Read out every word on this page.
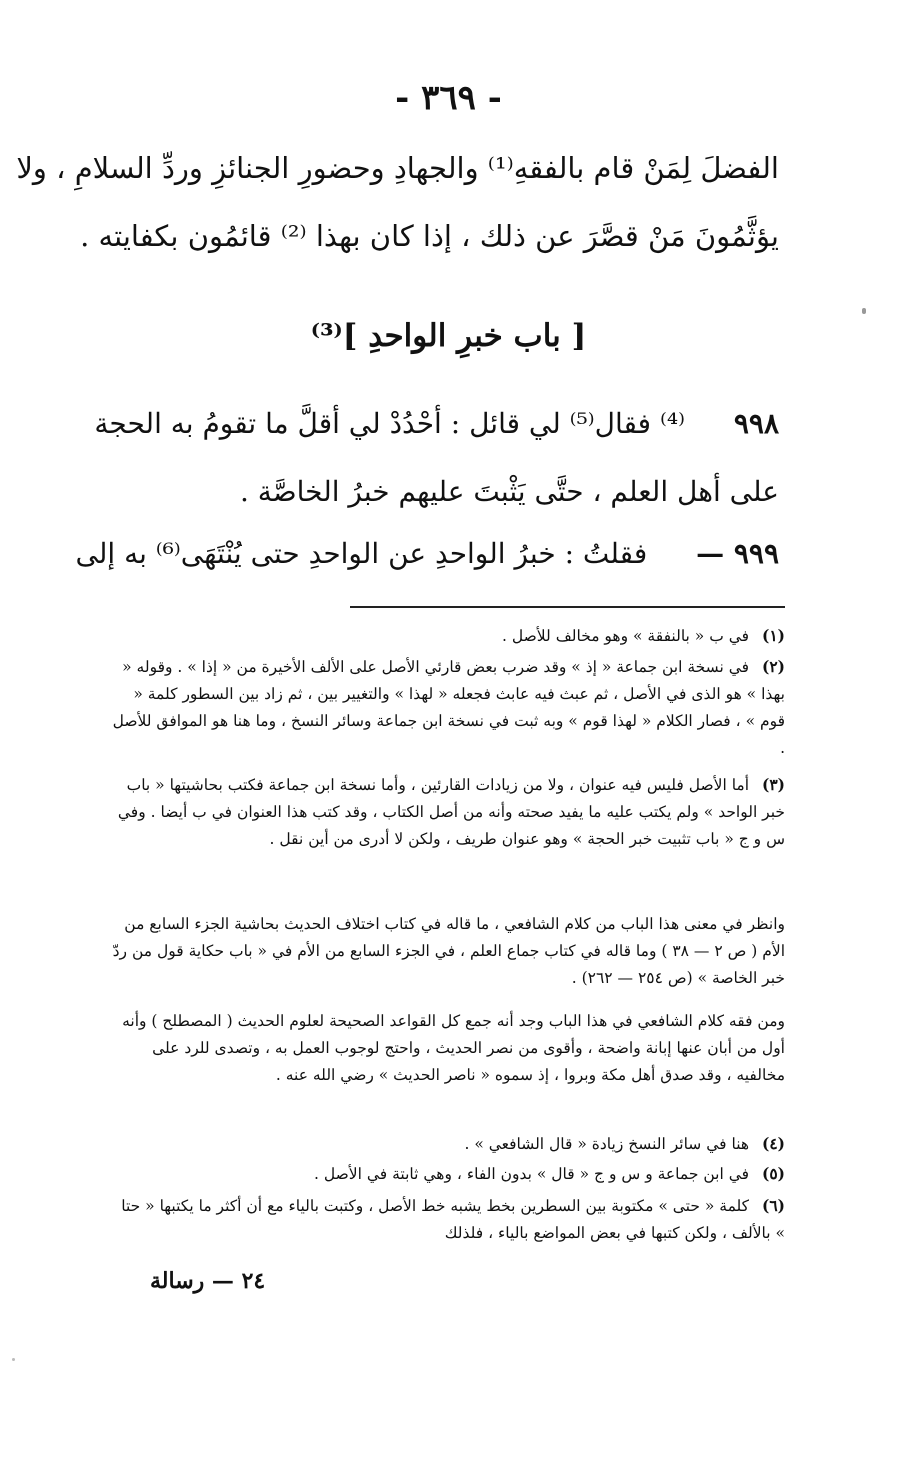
- ٣٦٩ -
الفضلَ لِمَنْ قام بالفقهِ⁽¹⁾ والجهادِ وحضورِ الجنائزِ وردِّ السلامِ ، ولا
يؤثَّمُونَ مَنْ قصَّرَ عن ذلك ، إذا كان بهذا ⁽²⁾ قائمُون بكفايته .
[ باب خبرِ الواحدِ ]⁽³⁾
٩٩٨ ⁽⁴⁾ فقال⁽⁵⁾ لي قائل : أحْدُدْ لي أقلَّ ما تقومُ به الحجة
على أهل العلم ، حتَّى يَثْبتَ عليهم خبرُ الخاصَّة .
٩٩٩ — فقلتُ : خبرُ الواحدِ عن الواحدِ حتى يُنْتَهَى⁽⁶⁾ به إلى
(١) في ب « بالنفقة » وهو مخالف للأصل .
(٢) في نسخة ابن جماعة « إذ » وقد ضرب بعض قارئي الأصل على الألف الأخيرة من « إذا » . وقوله « بهذا » هو الذى في الأصل ، ثم عبث فيه عابث فجعله « لهذا » والتغيير بين ، ثم زاد بين السطور كلمة « قوم » ، فصار الكلام « لهذا قوم » وبه ثبت في نسخة ابن جماعة وسائر النسخ ، وما هنا هو الموافق للأصل .
(٣) أما الأصل فليس فيه عنوان ، ولا من زيادات القارئين ، وأما نسخة ابن جماعة فكتب بحاشيتها « باب خبر الواحد » ولم يكتب عليه ما يفيد صحته وأنه من أصل الكتاب ، وقد كتب هذا العنوان في ب أيضا . وفي س و ج « باب تثبيت خبر الحجة » وهو عنوان طريف ، ولكن لا أدرى من أين نقل .
وانظر في معنى هذا الباب من كلام الشافعي ، ما قاله في كتاب اختلاف الحديث بحاشية الجزء السابع من الأم ( ص ٢ — ٣٨ ) وما قاله في كتاب جماع العلم ، في الجزء السابع من الأم في « باب حكاية قول من ردّ خبر الخاصة » (ص ٢٥٤ — ٢٦٢) .
ومن فقه كلام الشافعي في هذا الباب وجد أنه جمع كل القواعد الصحيحة لعلوم الحديث ( المصطلح ) وأنه أول من أبان عنها إبانة واضحة ، وأقوى من نصر الحديث ، واحتج لوجوب العمل به ، وتصدى للرد على مخالفيه ، وقد صدق أهل مكة وبروا ، إذ سموه « ناصر الحديث » رضي الله عنه .
(٤) هنا في سائر النسخ زيادة « قال الشافعي » .
(٥) في ابن جماعة و س و ج « قال » بدون الفاء ، وهي ثابتة في الأصل .
(٦) كلمة « حتى » مكتوبة بين السطرين بخط يشبه خط الأصل ، وكتبت بالياء مع أن أكثر ما يكتبها « حتا » بالألف ، ولكن كتبها في بعض المواضع بالياء ، فلذلك
٢٤ — رسالة
